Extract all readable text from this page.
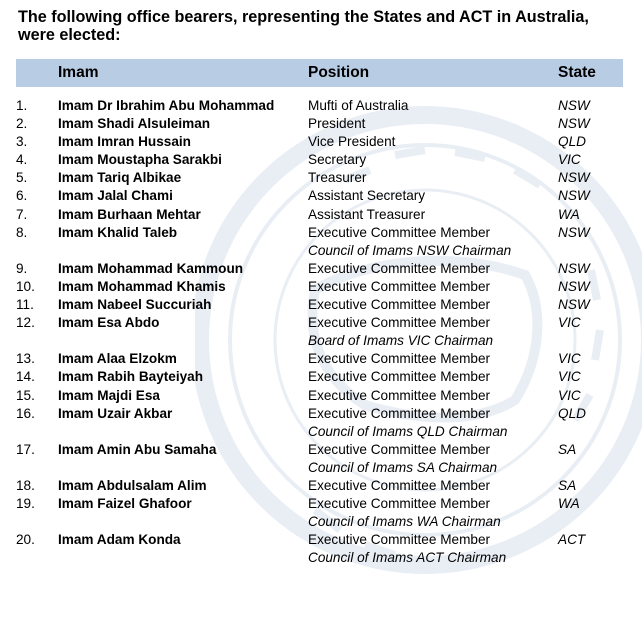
The following office bearers, representing the States and ACT in Australia, were elected:

	Imam	Position	State

1.	Imam Dr Ibrahim Abu Mohammad	Mufti of Australia	NSW
2.	Imam Shadi Alsuleiman	President	NSW
3.	Imam Imran Hussain	Vice President	QLD
4.	Imam Moustapha Sarakbi	Secretary	VIC
5.	Imam Tariq Albikae	Treasurer	NSW
6.	Imam Jalal Chami	Assistant Secretary	NSW
7.	Imam Burhaan Mehtar	Assistant Treasurer	WA
8.	Imam Khalid Taleb	Executive Committee Member	NSW
		Council of Imams NSW Chairman	
9.	Imam Mohammad Kammoun	Executive Committee Member	NSW
10.	Imam Mohammad Khamis	Executive Committee Member	NSW
11.	Imam Nabeel Succuriah	Executive Committee Member	NSW
12.	Imam Esa Abdo	Executive Committee Member	VIC
		Board of Imams VIC Chairman	
13.	Imam Alaa Elzokm	Executive Committee Member	VIC
14.	Imam Rabih Bayteiyah	Executive Committee Member	VIC
15.	Imam Majdi Esa	Executive Committee Member	VIC
16.	Imam Uzair Akbar	Executive Committee Member	QLD
		Council of Imams QLD Chairman	
17.	Imam Amin Abu Samaha	Executive Committee Member	SA
		Council of Imams SA Chairman	
18.	Imam Abdulsalam Alim	Executive Committee Member	SA
19.	Imam Faizel Ghafoor	Executive Committee Member	WA
		Council of Imams WA Chairman	
20.	Imam Adam Konda	Executive Committee Member	ACT
		Council of Imams ACT Chairman	
